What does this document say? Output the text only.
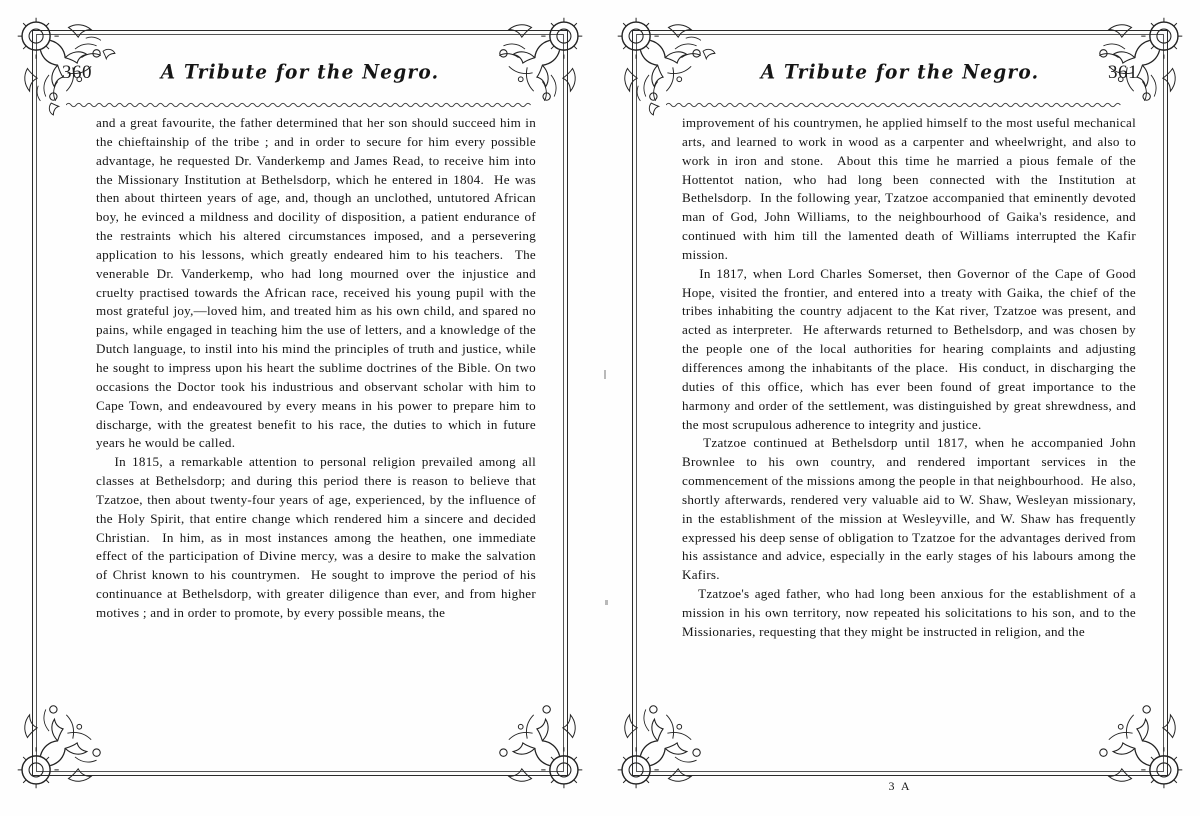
360	A Tribute for the Negro.

and a great favourite, the father determined that her son should succeed him in the chieftainship of the tribe ; and in order to secure for him every possible advantage, he requested Dr. Vanderkemp and James Read, to receive him into the Missionary Institution at Bethelsdorp, which he entered in 1804.  He was then about thirteen years of age, and, though an unclothed, untutored African boy, he evinced a mildness and docility of disposition, a patient endurance of the restraints which his altered circumstances imposed, and a persevering application to his lessons, which greatly endeared him to his teachers.  The venerable Dr. Vanderkemp, who had long mourned over the injustice and cruelty practised towards the African race, received his young pupil with the most grateful joy,—loved him, and treated him as his own child, and spared no pains, while engaged in teaching him the use of letters, and a knowledge of the Dutch language, to instil into his mind the principles of truth and justice, while he sought to impress upon his heart the sublime doctrines of the Bible. On two occasions the Doctor took his industrious and observant scholar with him to Cape Town, and endeavoured by every means in his power to prepare him to discharge, with the greatest benefit to his race, the duties to which in future years he would be called.

In 1815, a remarkable attention to personal religion prevailed among all classes at Bethelsdorp; and during this period there is reason to believe that Tzatzoe, then about twenty-four years of age, experienced, by the influence of the Holy Spirit, that entire change which rendered him a sincere and decided Christian.  In him, as in most instances among the heathen, one immediate effect of the participation of Divine mercy, was a desire to make the salvation of Christ known to his countrymen.  He sought to improve the period of his continuance at Bethelsdorp, with greater diligence than ever, and from higher motives ; and in order to promote, by every possible means, the

A Tribute for the Negro.	361

improvement of his countrymen, he applied himself to the most useful mechanical arts, and learned to work in wood as a carpenter and wheelwright, and also to work in iron and stone.  About this time he married a pious female of the Hottentot nation, who had long been connected with the Institution at Bethelsdorp.  In the following year, Tzatzoe accompanied that eminently devoted man of God, John Williams, to the neighbourhood of Gaika's residence, and continued with him till the lamented death of Williams interrupted the Kafir mission.

In 1817, when Lord Charles Somerset, then Governor of the Cape of Good Hope, visited the frontier, and entered into a treaty with Gaika, the chief of the tribes inhabiting the country adjacent to the Kat river, Tzatzoe was present, and acted as interpreter.  He afterwards returned to Bethelsdorp, and was chosen by the people one of the local authorities for hearing complaints and adjusting differences among the inhabitants of the place.  His conduct, in discharging the duties of this office, which has ever been found of great importance to the harmony and order of the settlement, was distinguished by great shrewdness, and the most scrupulous adherence to integrity and justice.

Tzatzoe continued at Bethelsdorp until 1817, when he accompanied John Brownlee to his own country, and rendered important services in the commencement of the missions among the people in that neighbourhood.  He also, shortly afterwards, rendered very valuable aid to W. Shaw, Wesleyan missionary, in the establishment of the mission at Wesleyville, and W. Shaw has frequently expressed his deep sense of obligation to Tzatzoe for the advantages derived from his assistance and advice, especially in the early stages of his labours among the Kafirs.

Tzatzoe's aged father, who had long been anxious for the establishment of a mission in his own territory, now repeated his solicitations to his son, and to the Missionaries, requesting that they might be instructed in religion, and the

3 A
